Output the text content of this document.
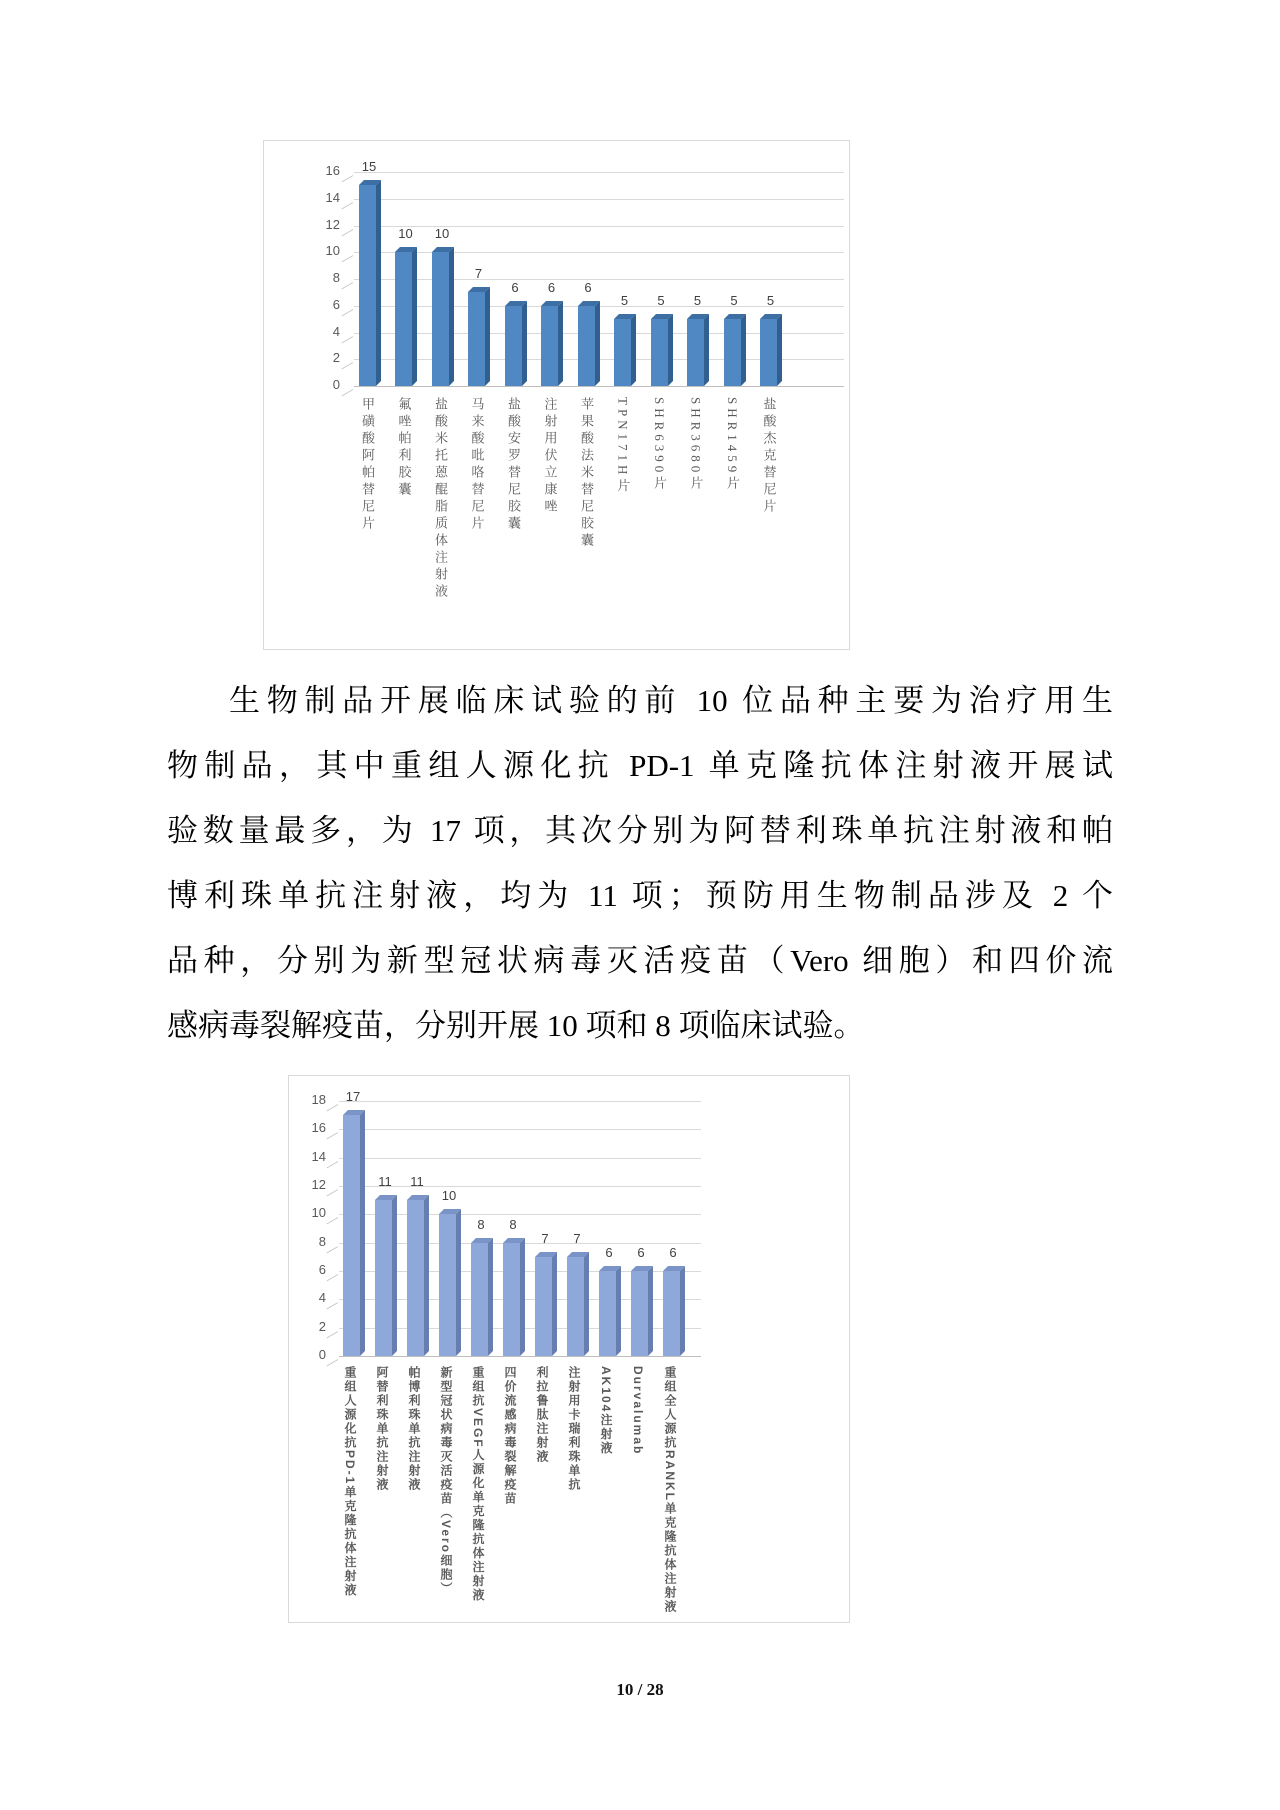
0
2
4
6
8
10
12
14
16	15
甲磺酸阿帕替尼片
10
氟唑帕利胶囊
10
盐酸米托蒽醌脂质体注射液
7
马来酸吡咯替尼片
6
盐酸安罗替尼胶囊
6
注射用伏立康唑
6
苹果酸法米替尼胶囊
5
TPN171H片
5
SHR6390片
5
SHR3680片
5
SHR1459片
5
盐酸杰克替尼片
生物制品开展临床试验的前 10 位品种主要为治疗用生
物制品，其中重组人源化抗 PD-1 单克隆抗体注射液开展试
验数量最多，为 17 项，其次分别为阿替利珠单抗注射液和帕
博利珠单抗注射液，均为 11 项；预防用生物制品涉及 2 个
品种，分别为新型冠状病毒灭活疫苗（Vero 细胞）和四价流
感病毒裂解疫苗，分别开展 10 项和 8 项临床试验。
0
2
4
6
8
10
12
14
16
18	17
重组人源化抗PD-1单克隆抗体注射液
11
阿替利珠单抗注射液
11
帕博利珠单抗注射液
10
新型冠状病毒灭活疫苗（Vero细胞）
8
重组抗VEGF人源化单克隆抗体注射液
8
四价流感病毒裂解疫苗
7
利拉鲁肽注射液
7
注射用卡瑞利珠单抗
6
AK104注射液
6
Durvalumab
6
重组全人源抗RANKL单克隆抗体注射液
10 / 28
